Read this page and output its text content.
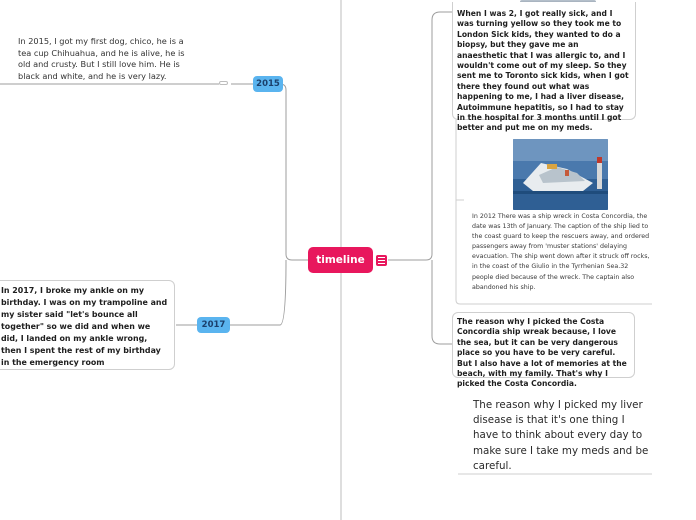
When I was 2, I got really sick, and I was turning yellow so they took me to London Sick kids, they wanted to do a biopsy, but they gave me an anaesthetic that I was allergic to, and I wouldn't come out of my sleep. So they sent me to Toronto sick kids, when I got there they found out what was happening to me, I had a liver disease, Autoimmune hepatitis, so I had to stay in the hospital for 3 months until I got better and put me on my meds.
In 2015, I got my first dog, chico, he is a tea cup Chihuahua, and he is alive, he is old and crusty. But I still love him. He is black and white, and he is very lazy.
2015
timeline
2017
In 2017, I broke my ankle on my birthday. I was on my trampoline and my sister said "let's bounce all together" so we did and when we did, I landed on my ankle wrong, then I spent the rest of my birthday in the emergency room
In 2012 There was a ship wreck in Costa Concordia, the date was 13th of January. The caption of the ship lied to the coast guard to keep the rescuers away, and ordered passengers away from 'muster stations' delaying evacuation. The ship went down after it struck off rocks, in the coast of the Giulio in the Tyrrhenian Sea.32 people died because of the wreck. The captain also abandoned his ship.
The reason why I picked the Costa Concordia ship wreak because, I love the sea, but it can be very dangerous place so you have to be very careful. But I also have a lot of memories at the beach, with my family. That's why I picked the Costa Concordia.
The reason why I picked my liver disease is that it's one thing I have to think about every day to make sure I take my meds and be careful.
